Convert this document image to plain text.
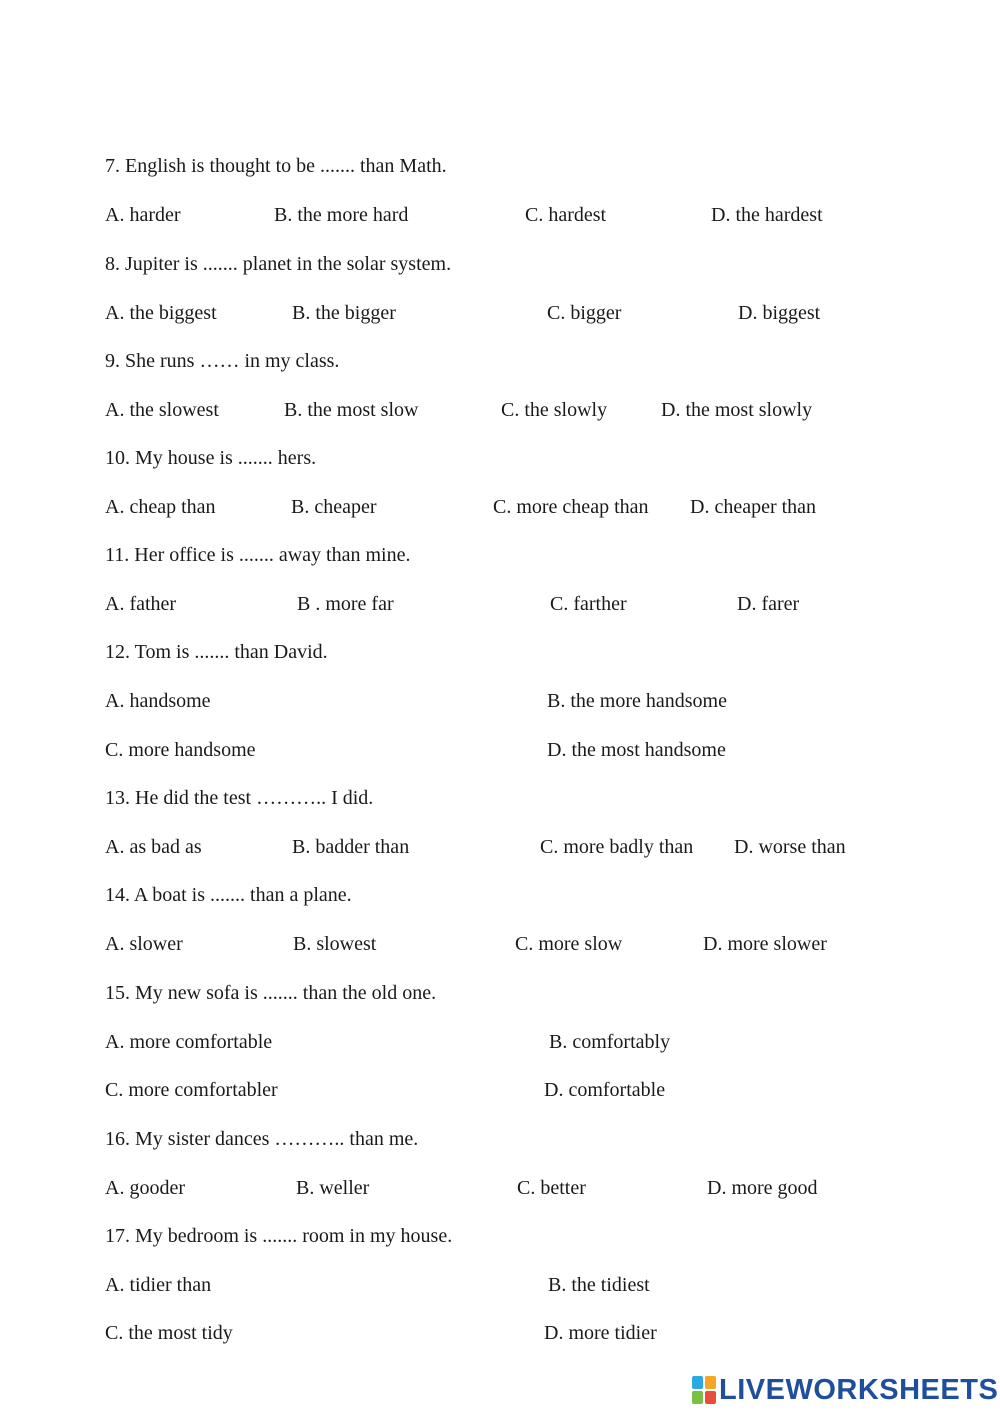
7. English is thought to be ....... than Math.
A. harder	B. the more hard	C. hardest	D. the hardest
8. Jupiter is ....... planet in the solar system.
A. the biggest	B. the bigger	C. bigger	D. biggest
9. She runs …… in my class.
A. the slowest	B. the most slow	C. the slowly	D. the most slowly
10. My house is ....... hers.
A. cheap than	B. cheaper	C. more cheap than D. cheaper than
11. Her office is ....... away than mine.
A. father	B . more far	C. farther	D. farer
12. Tom is ....... than David.
A. handsome	B. the more handsome
C. more handsome	D. the most handsome
13. He did the test ……….. I did.
A. as bad as	B. badder than	C. more badly than D. worse than
14. A boat is ....... than a plane.
A. slower	B. slowest	C. more slow	D. more slower
15. My new sofa is ....... than the old one.
A. more comfortable	B. comfortably
C. more comfortabler	D. comfortable
16. My sister dances ……….. than me.
A. gooder	B. weller	C. better	D. more good
17. My bedroom is ....... room in my house.
A. tidier than	B. the tidiest
C. the most tidy	D. more tidier
LIVEWORKSHEETS
